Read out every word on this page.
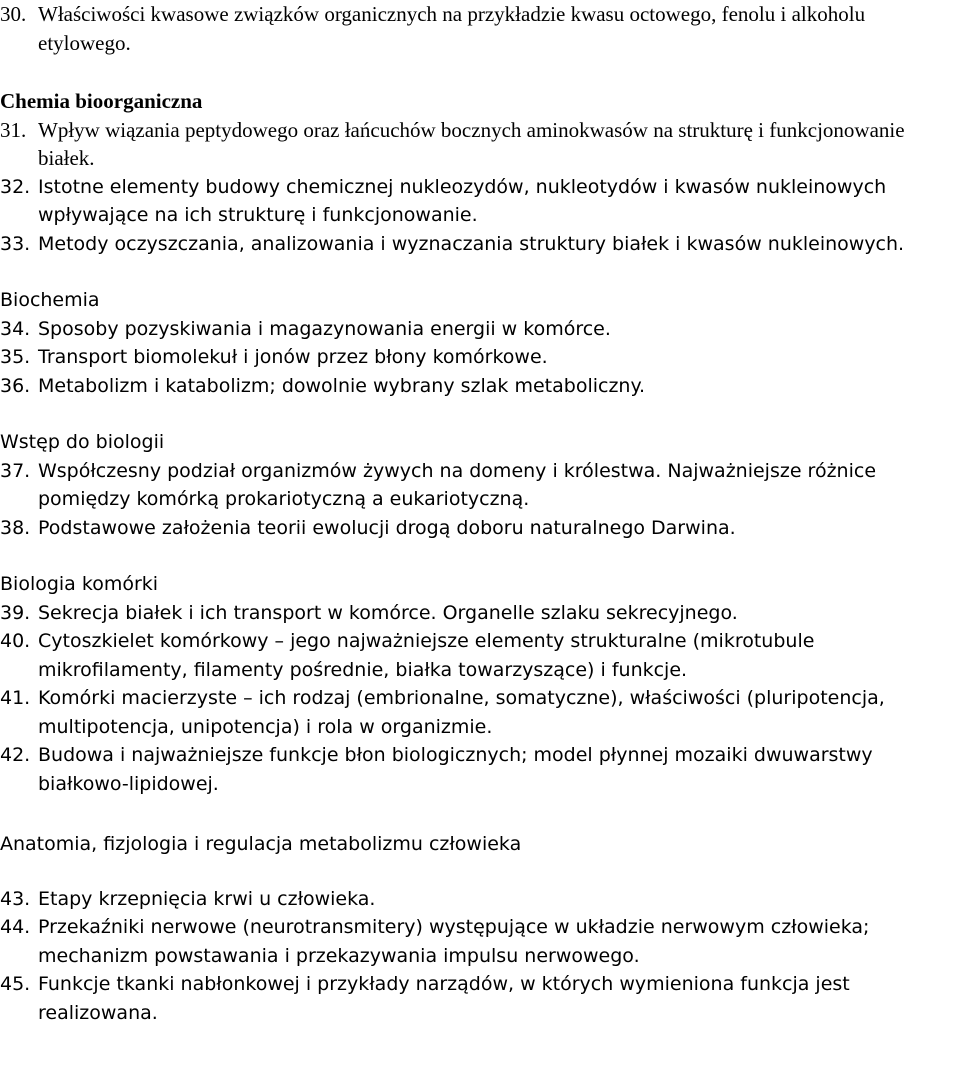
30. Właściwości kwasowe związków organicznych na przykładzie kwasu octowego, fenolu i alkoholu etylowego.
Chemia bioorganiczna
31. Wpływ wiązania peptydowego oraz łańcuchów bocznych aminokwasów na strukturę i funkcjonowanie białek.
32. Istotne elementy budowy chemicznej nukleozydów, nukleotydów i kwasów nukleinowych wpływające na ich strukturę i funkcjonowanie.
33. Metody oczyszczania, analizowania i wyznaczania struktury białek i kwasów nukleinowych.
Biochemia
34. Sposoby pozyskiwania i magazynowania energii w komórce.
35. Transport biomolekuł i jonów przez błony komórkowe.
36. Metabolizm i katabolizm; dowolnie wybrany szlak metaboliczny.
Wstęp do biologii
37. Współczesny podział organizmów żywych na domeny i królestwa. Najważniejsze różnice pomiędzy komórką prokariotyczną a eukariotyczną.
38. Podstawowe założenia teorii ewolucji drogą doboru naturalnego Darwina.
Biologia komórki
39. Sekrecja białek i ich transport w komórce. Organelle szlaku sekrecyjnego.
40. Cytoszkielet komórkowy – jego najważniejsze elementy strukturalne (mikrotubule mikrofilamenty, filamenty pośrednie, białka towarzyszące) i funkcje.
41. Komórki macierzyste – ich rodzaj (embrionalne, somatyczne), właściwości (pluripotencja, multipotencja, unipotencja) i rola w organizmie.
42. Budowa i najważniejsze funkcje błon biologicznych; model płynnej mozaiki dwuwarstwy białkowo-lipidowej.
Anatomia, fizjologia i regulacja metabolizmu człowieka
43. Etapy krzepnięcia krwi u człowieka.
44. Przekaźniki nerwowe (neurotransmitery) występujące w układzie nerwowym człowieka; mechanizm powstawania i przekazywania impulsu nerwowego.
45. Funkcje tkanki nabłonkowej i przykłady narządów, w których wymieniona funkcja jest realizowana.
